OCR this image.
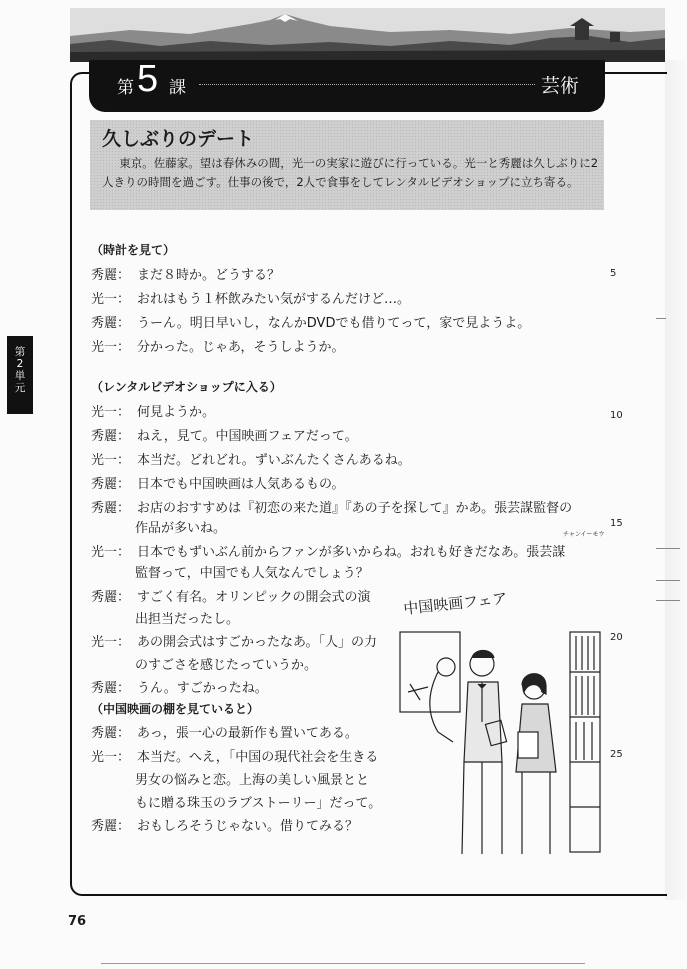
第 5 課	芸術
久しぶりのデート
東京。佐藤家。望は春休みの間，光一の実家に遊びに行っている。光一と秀麗は久しぶりに2人きりの時間を過ごす。仕事の後で，2人で食事をしてレンタルビデオショップに立ち寄る。
第
2
単
元
（時計を見て）
秀麗： まだ８時か。どうする？
光一： おれはもう１杯飲みたい気がするんだけど…。
秀麗： うーん。明日早いし，なんかDVDでも借りてって，家で見ようよ。
光一： 分かった。じゃあ，そうしようか。
（レンタルビデオショップに入る）
光一： 何見ようか。
秀麗： ねえ，見て。中国映画フェアだって。
光一： 本当だ。どれどれ。ずいぶんたくさんあるね。
秀麗： 日本でも中国映画は人気あるもの。
秀麗： お店のおすすめは『初恋の来た道』『あの子を探して』かあ。張芸謀監督の
作品が多いね。	チャンイーモウ
光一： 日本でもずいぶん前からファンが多いからね。おれも好きだなあ。張芸謀
監督って，中国でも人気なんでしょう？
秀麗： すごく有名。オリンピックの開会式の演
出担当だったし。
光一： あの開会式はすごかったなあ。「人」の力
のすごさを感じたっていうか。
秀麗： うん。すごかったね。
（中国映画の棚を見ていると）
秀麗： あっ，張一心の最新作も置いてある。
光一： 本当だ。へえ，「中国の現代社会を生きる
男女の悩みと恋。上海の美しい風景とと
もに贈る珠玉のラブストーリー」だって。
秀麗： おもしろそうじゃない。借りてみる？
5
10
15
20
25
中国映画フェア
76
